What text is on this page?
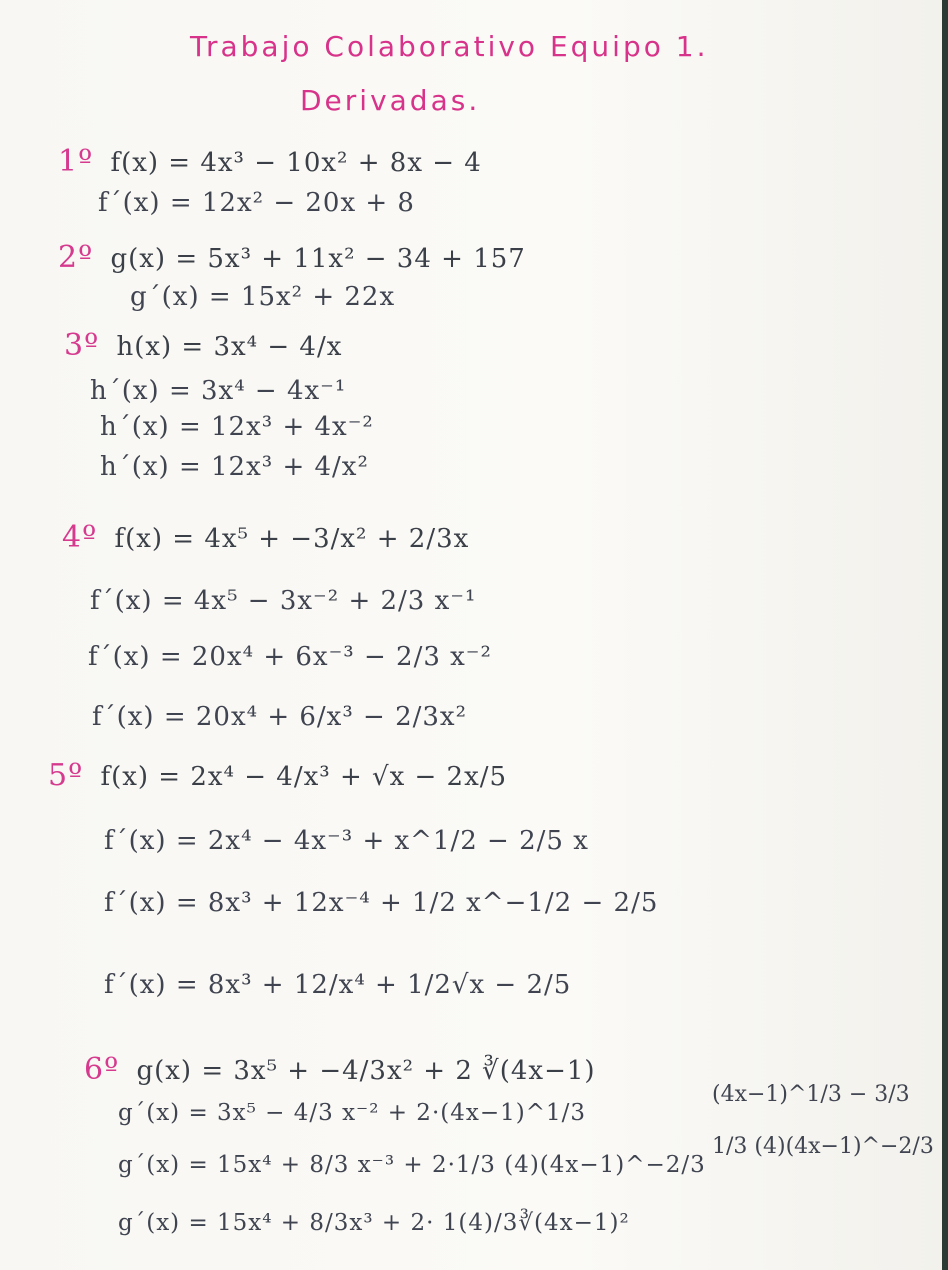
Trabajo Colaborativo Equipo 1.
Derivadas.
1º f(x) = 4x³ − 10x² + 8x − 4
f´(x) = 12x² − 20x + 8
2º g(x) = 5x³ + 11x² − 34 + 157
g´(x) = 15x² + 22x
3º h(x) = 3x⁴ − 4/x
h´(x) = 3x⁴ − 4x⁻¹
h´(x) = 12x³ + 4x⁻²
h´(x) = 12x³ + 4/x²
4º f(x) = 4x⁵ + −3/x² + 2/3x
f´(x) = 4x⁵ − 3x⁻² + 2/3 x⁻¹
f´(x) = 20x⁴ + 6x⁻³ − 2/3 x⁻²
f´(x) = 20x⁴ + 6/x³ − 2/3x²
5º f(x) = 2x⁴ − 4/x³ + √x − 2x/5
f´(x) = 2x⁴ − 4x⁻³ + x^1/2 − 2/5 x
f´(x) = 8x³ + 12x⁻⁴ + 1/2 x^−1/2 − 2/5
f´(x) = 8x³ + 12/x⁴ + 1/2√x − 2/5
6º g(x) = 3x⁵ + −4/3x² + 2 ∛(4x−1)
g´(x) = 3x⁵ − 4/3 x⁻² + 2·(4x−1)^1/3
g´(x) = 15x⁴ + 8/3 x⁻³ + 2·1/3 (4)(4x−1)^−2/3
g´(x) = 15x⁴ + 8/3x³ + 2· 1(4)/3∛(4x−1)²
(4x−1)^1/3 − 3/3
1/3 (4)(4x−1)^−2/3
